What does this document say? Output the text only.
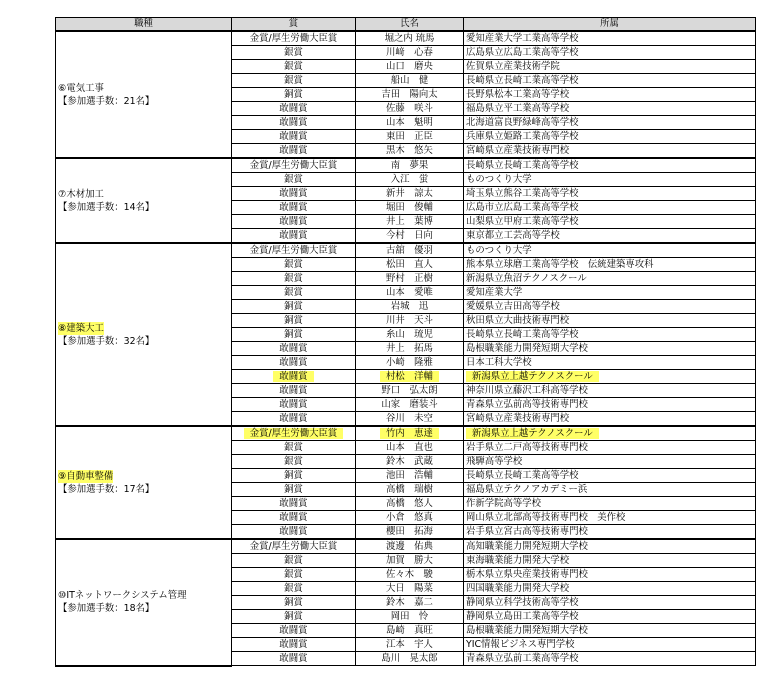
職種	賞	氏名	所属

⑥電気工事
【参加選手数：21名】	金賞/厚生労働大臣賞	堀之内 琉馬	愛知産業大学工業高等学校
	銀賞	川﨑　心春	広島県立広島工業高等学校
	銀賞	山口　磨央	佐賀県立産業技術学院
	銀賞	船山　健	長崎県立長崎工業高等学校
	銅賞	吉田　陽向太	長野県松本工業高等学校
	敢闘賞	佐藤　咲斗	福島県立平工業高等学校
	敢闘賞	山本　魁明	北海道富良野緑峰高等学校
	敢闘賞	東田　正臣	兵庫県立姫路工業高等学校
	敢闘賞	黒木　悠矢	宮崎県立産業技術専門校

⑦木材加工
【参加選手数：14名】	金賞/厚生労働大臣賞	南　夢果	長崎県立長崎工業高等学校
	銀賞	入江　蛍	ものつくり大学
	敢闘賞	新井　諒太	埼玉県立熊谷工業高等学校
	敢闘賞	堀田　俊輔	広島市立広島工業高等学校
	敢闘賞	井上　葉博	山梨県立甲府工業高等学校
	敢闘賞	今村　日向	東京都立工芸高等学校
⑧建築大工

【参加選手数：32名】	金賞/厚生労働大臣賞	古舘　優羽	ものつくり大学
	銀賞	松田　直人	熊本県立球磨工業高等学校　伝統建築専攻科
	銀賞	野村　正樹	新潟県立魚沼テクノスクール
	銀賞	山本　愛唯	愛知産業大学
	銅賞	岩城　迅	愛媛県立吉田高等学校
	銅賞	川井　天斗	秋田県立大曲技術専門校
	銅賞	糸山　琉児	長崎県立長崎工業高等学校
	敢闘賞	井上　拓馬	島根職業能力開発短期大学校
	敢闘賞	小崎　隆雅	日本工科大学校
	敢闘賞	村松　洋輔	新潟県立上越テクノスクール
	敢闘賞	野口　弘太朗	神奈川県立藤沢工科高等学校
	敢闘賞	山家　磨装斗	青森県立弘前高等技術専門校
	敢闘賞	谷川　未空	宮崎県立産業技術専門校
⑨自動車整備

【参加選手数：17名】	金賞/厚生労働大臣賞	竹内　恵達	新潟県立上越テクノスクール
	銀賞	山本　直也	岩手県立二戸高等技術専門校
	銀賞	鈴木　武蔵	飛騨高等学校
	銅賞	池田　浩輔	長崎県立長崎工業高等学校
	銅賞	高橋　瑞樹	福島県立テクノアカデミー浜
	敢闘賞	高橋　悠人	作新学院高等学校
	敢闘賞	小倉　悠真	岡山県立北部高等技術専門校　美作校
	敢闘賞	櫻田　拓海	岩手県立宮古高等技術専門校

⑩ITネットワークシステム管理
【参加選手数：18名】	金賞/厚生労働大臣賞	渡邊　佑典	高知職業能力開発短期大学校
	銀賞	加賀　勝大	東海職業能力開発大学校
	銀賞	佐々木　駿	栃木県立県央産業技術専門校
	銀賞	大日　陽菜	四国職業能力開発大学校
	銅賞	鈴木　嘉二	静岡県立科学技術高等学校
	銅賞	岡田　怜	静岡県立島田工業高等学校
	敢闘賞	島崎　真旺	島根職業能力開発短期大学校
	敢闘賞	江本　宇人	YIC情報ビジネス専門学校
	敢闘賞	島川　晃太郎	青森県立弘前工業高等学校
